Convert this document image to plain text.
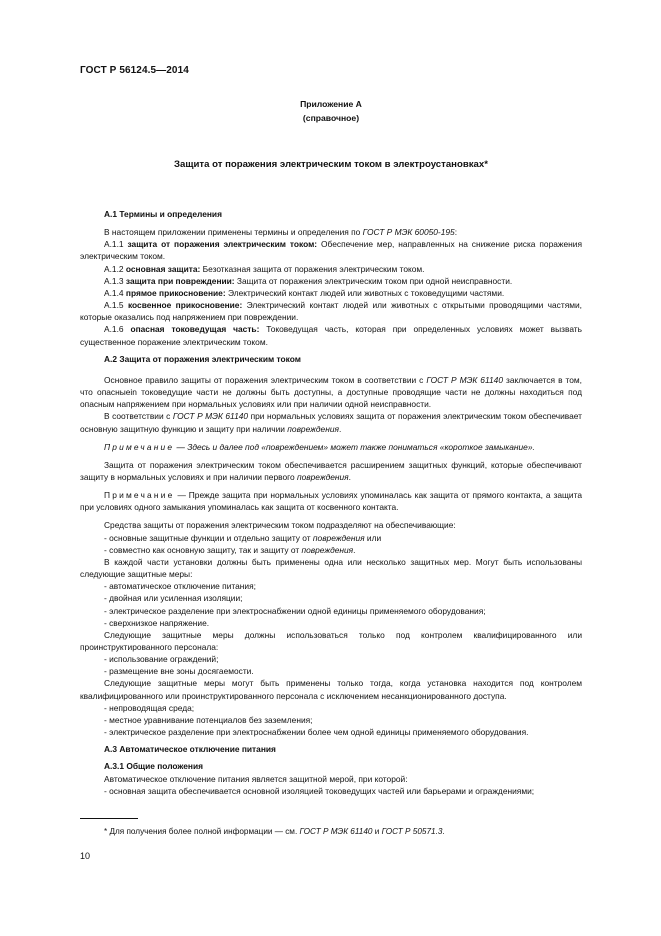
ГОСТ Р 56124.5—2014
Приложение А
(справочное)
Защита от поражения электрическим током в электроустановках*

А.1 Термины и определения

В настоящем приложении применены термины и определения по ГОСТ Р МЭК 60050-195:

А.1.1 защита от поражения электрическим током: Обеспечение мер, направленных на снижение риска поражения электрическим током.

А.1.2 основная защита: Безотказная защита от поражения электрическим током.

А.1.3 защита при повреждении: Защита от поражения электрическим током при одной неисправности.

А.1.4 прямое прикосновение: Электрический контакт людей или животных с токоведущими частями.

А.1.5 косвенное прикосновение: Электрический контакт людей или животных с открытыми проводящими частями, которые оказались под напряжением при повреждении.

А.1.6 опасная токоведущая часть: Токоведущая часть, которая при определенных условиях может вызвать существенное поражение электрическим током.

А.2 Защита от поражения электрическим током

Основное правило защиты от поражения электрическим током в соответствии с ГОСТ Р МЭК 61140 заключается в том, что опасныеin токоведущие части не должны быть доступны, а доступные проводящие части не должны находиться под опасным напряжением при нормальных условиях или при наличии одной неисправности.

В соответствии с ГОСТ Р МЭК 61140 при нормальных условиях защита от поражения электрическим током обеспечивает основную защитную функцию и защиту при наличии повреждения.

Примечание — Здесь и далее под «повреждением» может также пониматься «короткое замыкание».

Защита от поражения электрическим током обеспечивается расширением защитных функций, которые обеспечивают защиту в нормальных условиях и при наличии первого повреждения.

Примечание — Прежде защита при нормальных условиях упоминалась как защита от прямого контакта, а защита при условиях одного замыкания упоминалась как защита от косвенного контакта.

Средства защиты от поражения электрическим током подразделяют на обеспечивающие:

- основные защитные функции и отдельно защиту от повреждения или

- совместно как основную защиту, так и защиту от повреждения.

В каждой части установки должны быть применены одна или несколько защитных мер. Могут быть использованы следующие защитные меры:

- автоматическое отключение питания;

- двойная или усиленная изоляции;

- электрическое разделение при электроснабжении одной единицы применяемого оборудования;

- сверхнизкое напряжение.

Следующие защитные меры должны использоваться только под контролем квалифицированного или проинструктированного персонала:

- использование ограждений;

- размещение вне зоны досягаемости.

Следующие защитные меры могут быть применены только тогда, когда установка находится под контролем квалифицированного или проинструктированного персонала с исключением несанкционированного доступа.

- непроводящая среда;

- местное уравнивание потенциалов без заземления;

- электрическое разделение при электроснабжении более чем одной единицы применяемого оборудования.

А.3 Автоматическое отключение питания

А.3.1 Общие положения

Автоматическое отключение питания является защитной мерой, при которой:

- основная защита обеспечивается основной изоляцией токоведущих частей или барьерами и ограждениями;

* Для получения более полной информации — см. ГОСТ Р МЭК 61140 и ГОСТ Р 50571.3.
10
